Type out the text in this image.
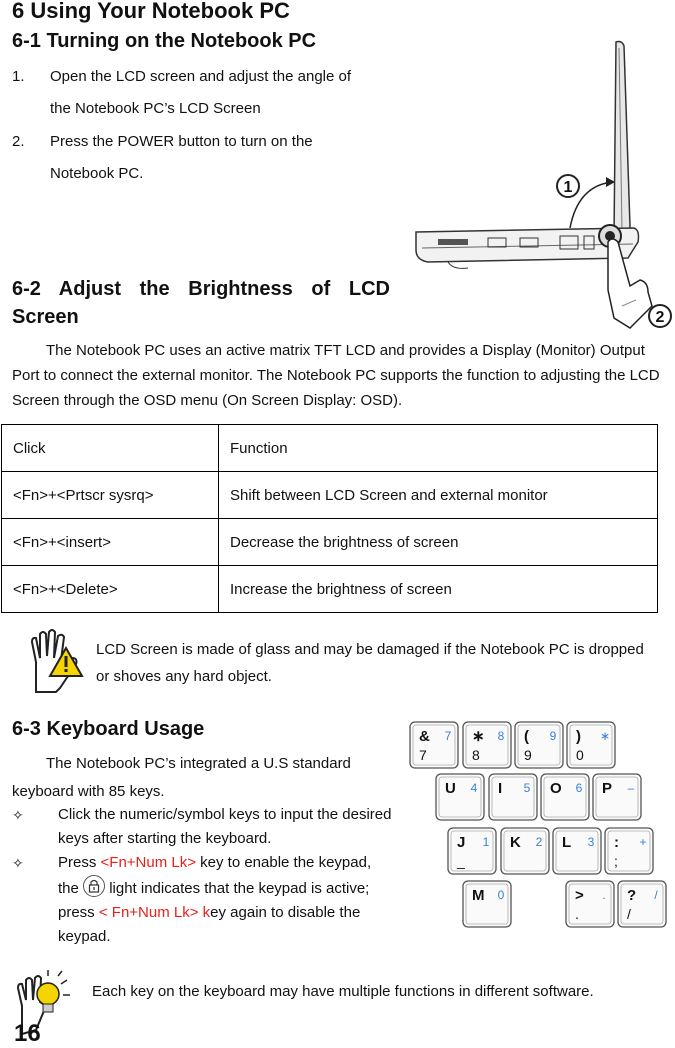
6 Using Your Notebook PC
6-1 Turning on the Notebook PC
1. Open the LCD screen and adjust the angle of
the Notebook PC’s LCD Screen
2. Press the POWER button to turn on the
Notebook PC.
1
2
6-2 Adjust the Brightness of LCD
Screen
The Notebook PC uses an active matrix TFT LCD and provides a Display (Monitor) Output Port to connect the external monitor. The Notebook PC supports the function to adjusting the LCD Screen through the OSD menu (On Screen Display: OSD).
Click	Function
<Fn>+<Prtscr sysrq>	Shift between LCD Screen and external monitor
<Fn>+<insert>	Decrease the brightness of screen
<Fn>+<Delete>	Increase the brightness of screen
LCD Screen is made of glass and may be damaged if the Notebook PC is dropped or shoves any hard object.
6-3 Keyboard Usage
The Notebook PC’s integrated a U.S standard keyboard with 85 keys.
✧ Click the numeric/symbol keys to input the desired keys after starting the keyboard.
✧ Press <Fn+Num Lk> key to enable the keypad, the
light indicates that the keypad is active; press < Fn+Num Lk> key again to disable the keypad.
&
7
7 ∗
8
8 (
9
9 )
0
∗
U 4 I 5 O 6 P –
J
_
1 K 2 L 3 :
;
+
M 0	>
.
. ?
/
/
Each key on the keyboard may have multiple functions in different software.
16
